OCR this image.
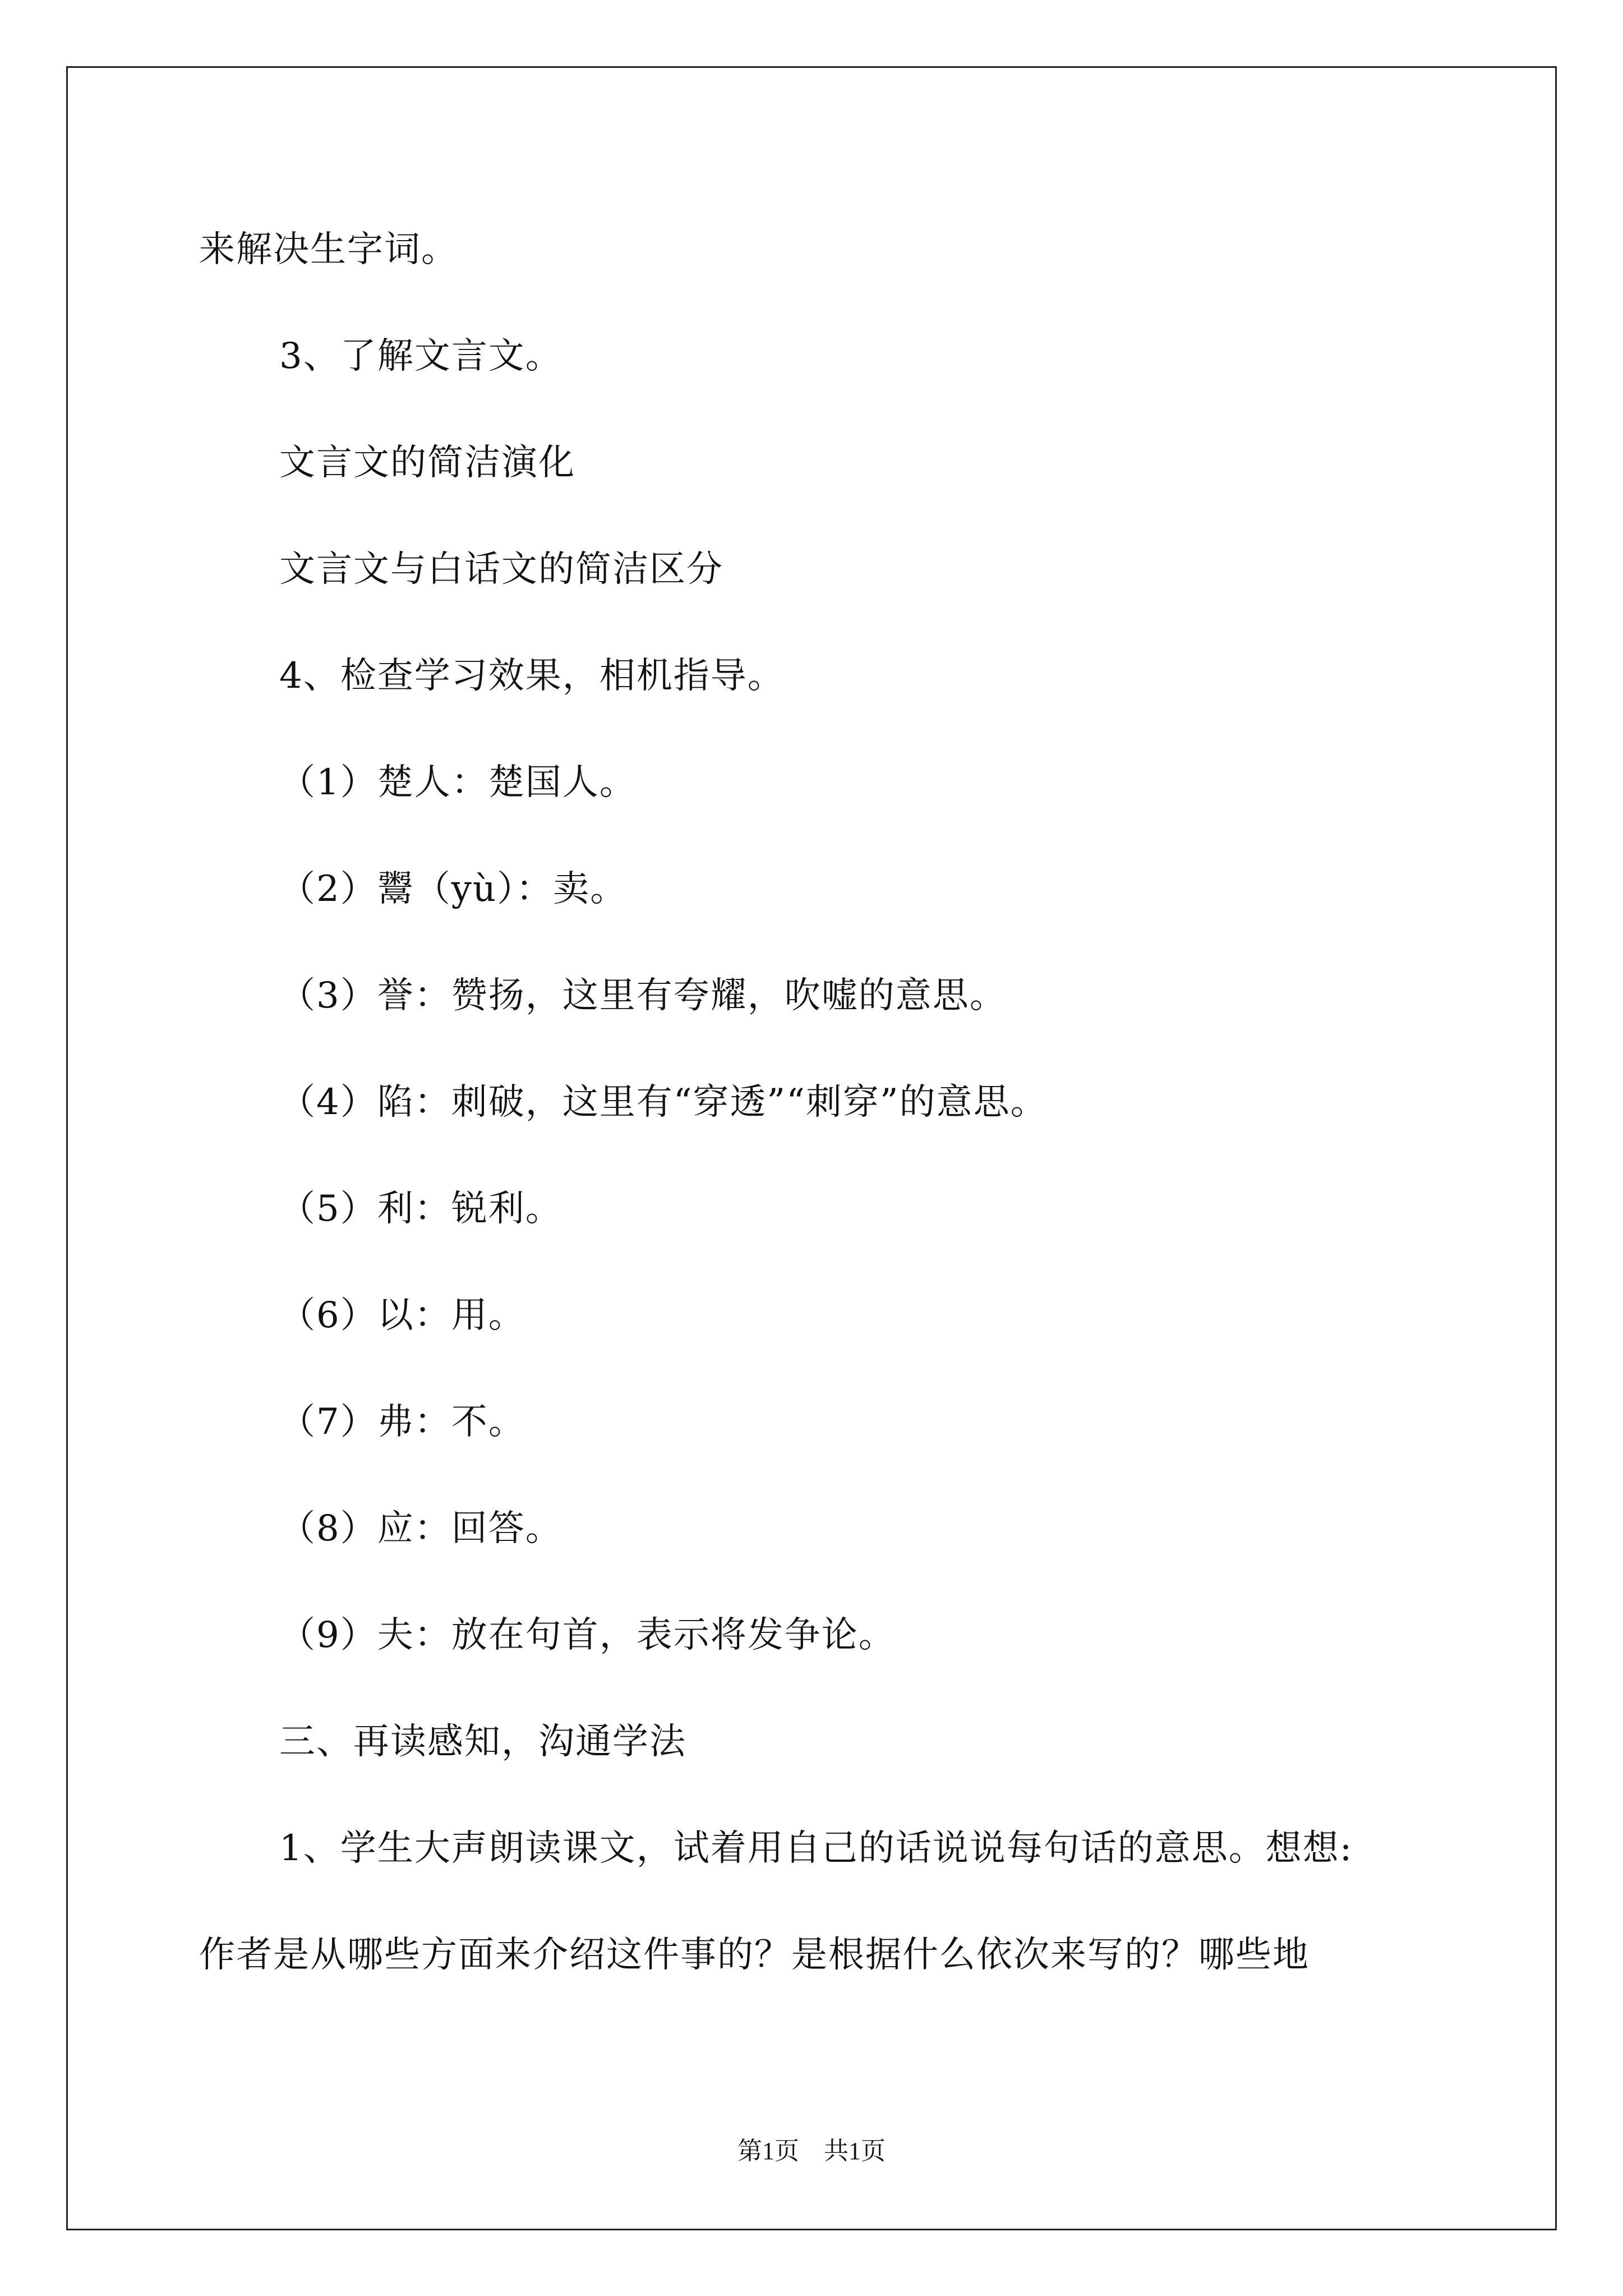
来解决生字词。
3、了解文言文。
文言文的简洁演化
文言文与白话文的简洁区分
4、检查学习效果，相机指导。
（1）楚人：楚国人。
（2）鬻（yù）：卖。
（3）誉：赞扬，这里有夸耀，吹嘘的意思。
（4）陷：刺破，这里有“穿透”“刺穿”的意思。
（5）利：锐利。
（6）以：用。
（7）弗：不。
（8）应：回答。
（9）夫：放在句首，表示将发争论。
三、再读感知，沟通学法
1、学生大声朗读课文，试着用自己的话说说每句话的意思。想想:
作者是从哪些方面来介绍这件事的？是根据什么依次来写的？哪些地
第1页　共1页
